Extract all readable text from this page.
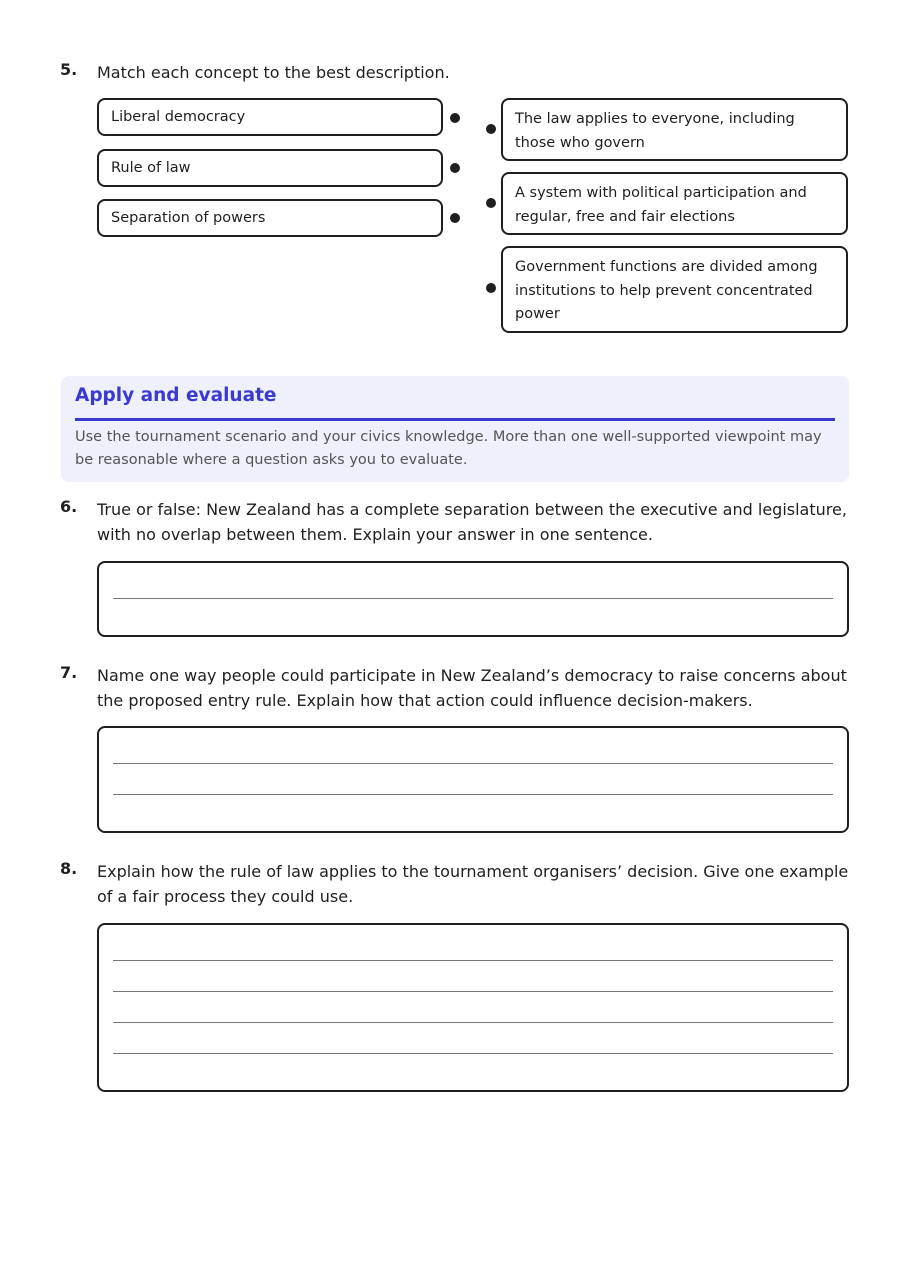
5. Match each concept to the best description.
Liberal democracy
Rule of law
Separation of powers
The law applies to everyone, including those who govern
A system with political participation and regular, free and fair elections
Government functions are divided among institutions to help prevent concentrated power
Apply and evaluate
Use the tournament scenario and your civics knowledge. More than one well-supported viewpoint may be reasonable where a question asks you to evaluate.
6. True or false: New Zealand has a complete separation between the executive and legislature, with no overlap between them. Explain your answer in one sentence.
7. Name one way people could participate in New Zealand’s democracy to raise concerns about the proposed entry rule. Explain how that action could influence decision-makers.
8. Explain how the rule of law applies to the tournament organisers’ decision. Give one example of a fair process they could use.
